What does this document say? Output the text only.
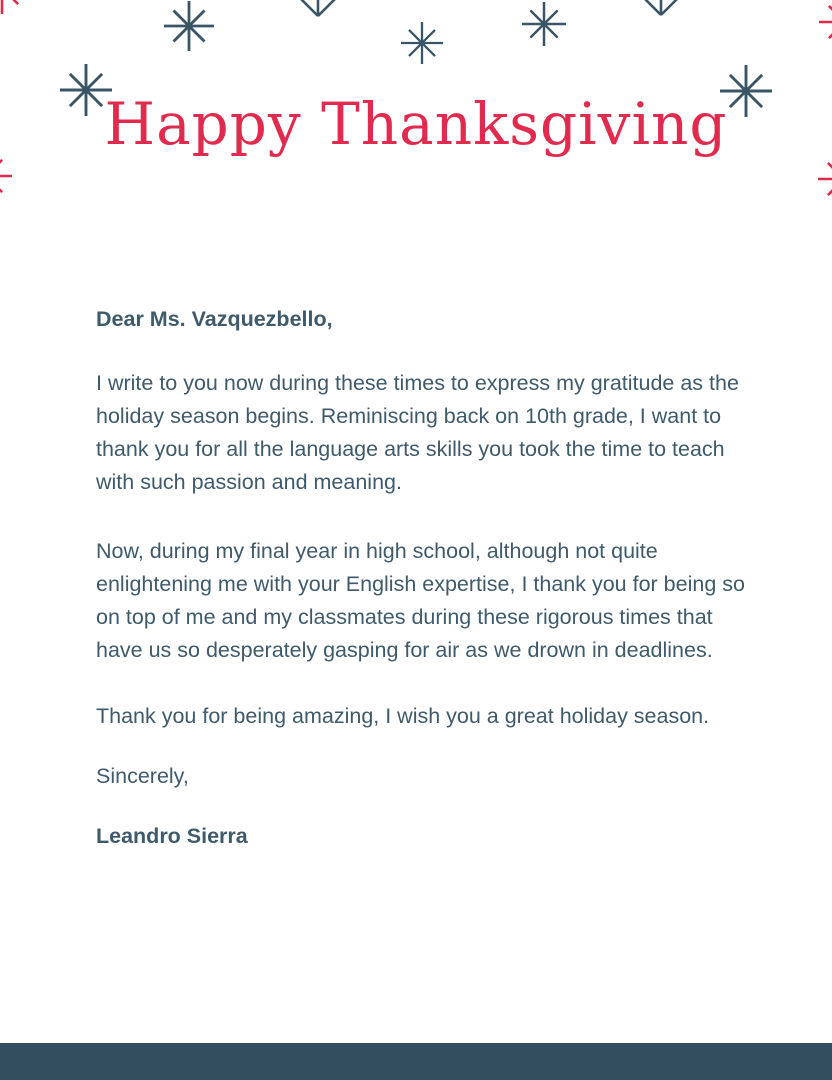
Happy Thanksgiving

Dear Ms. Vazquezbello,

I write to you now during these times to express my gratitude as the holiday season begins. Reminiscing back on 10th grade, I want to thank you for all the language arts skills you took the time to teach with such passion and meaning.

Now, during my final year in high school, although not quite enlightening me with your English expertise, I thank you for being so on top of me and my classmates during these rigorous times that have us so desperately gasping for air as we drown in deadlines.

Thank you for being amazing, I wish you a great holiday season.

Sincerely,

Leandro Sierra
